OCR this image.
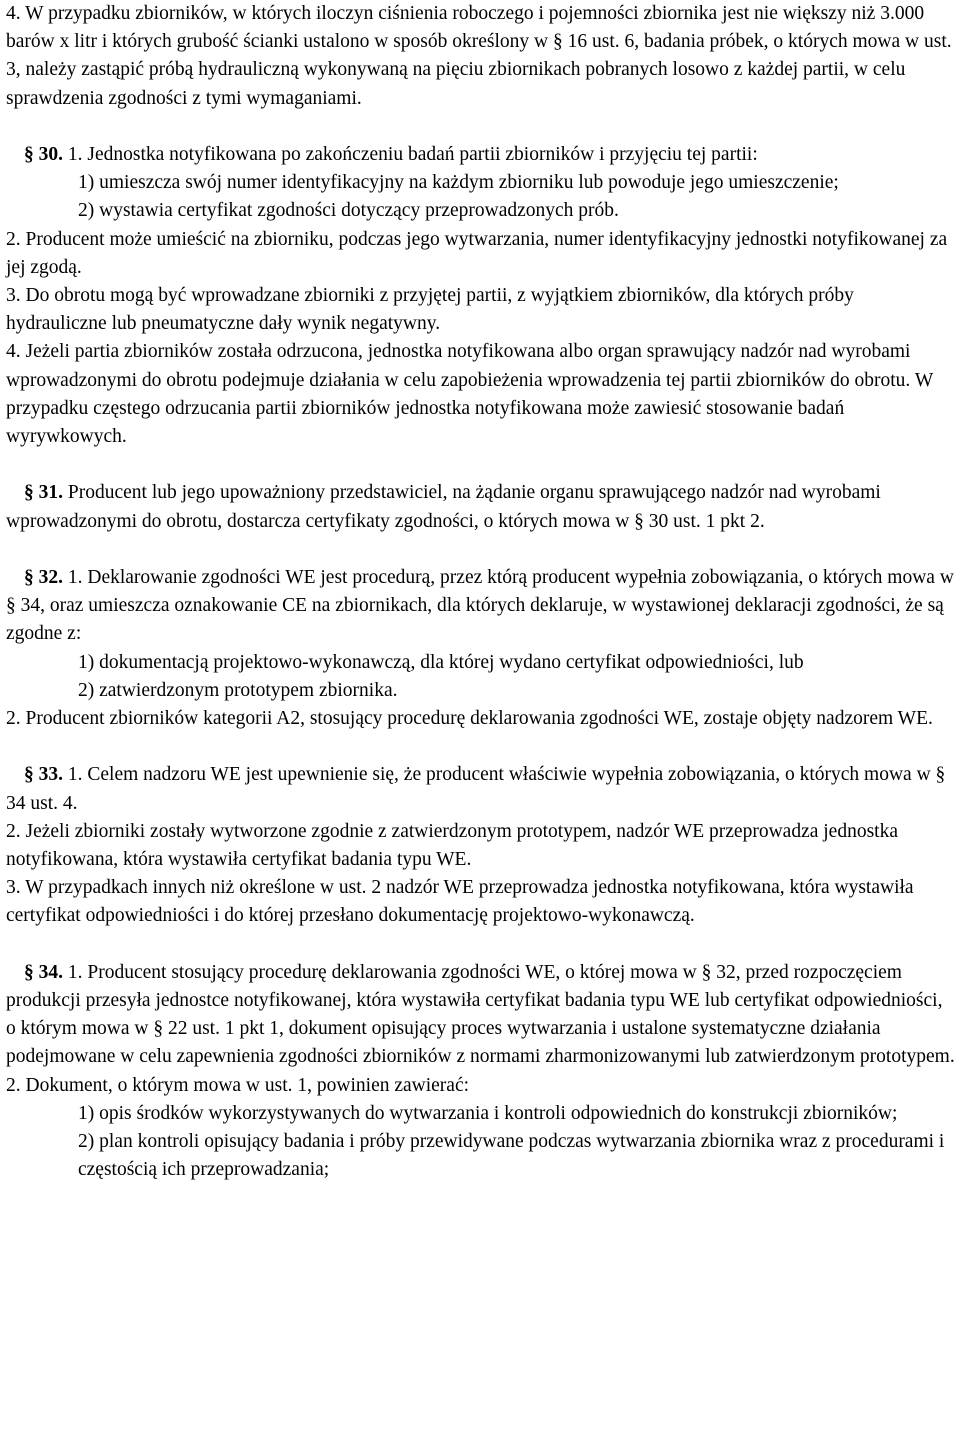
4. W przypadku zbiorników, w których iloczyn ciśnienia roboczego i pojemności zbiornika jest nie większy niż 3.000 barów x litr i których grubość ścianki ustalono w sposób określony w § 16 ust. 6, badania próbek, o których mowa w ust. 3, należy zastąpić próbą hydrauliczną wykonywaną na pięciu zbiornikach pobranych losowo z każdej partii, w celu sprawdzenia zgodności z tymi wymaganiami.

§ 30. 1. Jednostka notyfikowana po zakończeniu badań partii zbiorników i przyjęciu tej partii:

1) umieszcza swój numer identyfikacyjny na każdym zbiorniku lub powoduje jego umieszczenie;

2) wystawia certyfikat zgodności dotyczący przeprowadzonych prób.

2. Producent może umieścić na zbiorniku, podczas jego wytwarzania, numer identyfikacyjny jednostki notyfikowanej za jej zgodą.

3. Do obrotu mogą być wprowadzane zbiorniki z przyjętej partii, z wyjątkiem zbiorników, dla których próby hydrauliczne lub pneumatyczne dały wynik negatywny.

4. Jeżeli partia zbiorników została odrzucona, jednostka notyfikowana albo organ sprawujący nadzór nad wyrobami wprowadzonymi do obrotu podejmuje działania w celu zapobieżenia wprowadzenia tej partii zbiorników do obrotu. W przypadku częstego odrzucania partii zbiorników jednostka notyfikowana może zawiesić stosowanie badań wyrywkowych.

§ 31. Producent lub jego upoważniony przedstawiciel, na żądanie organu sprawującego nadzór nad wyrobami wprowadzonymi do obrotu, dostarcza certyfikaty zgodności, o których mowa w § 30 ust. 1 pkt 2.

§ 32. 1. Deklarowanie zgodności WE jest procedurą, przez którą producent wypełnia zobowiązania, o których mowa w § 34, oraz umieszcza oznakowanie CE na zbiornikach, dla których deklaruje, w wystawionej deklaracji zgodności, że są zgodne z:

1) dokumentacją projektowo-wykonawczą, dla której wydano certyfikat odpowiedniości, lub

2) zatwierdzonym prototypem zbiornika.

2. Producent zbiorników kategorii A2, stosujący procedurę deklarowania zgodności WE, zostaje objęty nadzorem WE.

§ 33. 1. Celem nadzoru WE jest upewnienie się, że producent właściwie wypełnia zobowiązania, o których mowa w § 34 ust. 4.

2. Jeżeli zbiorniki zostały wytworzone zgodnie z zatwierdzonym prototypem, nadzór WE przeprowadza jednostka notyfikowana, która wystawiła certyfikat badania typu WE.

3. W przypadkach innych niż określone w ust. 2 nadzór WE przeprowadza jednostka notyfikowana, która wystawiła certyfikat odpowiedniości i do której przesłano dokumentację projektowo-wykonawczą.

§ 34. 1. Producent stosujący procedurę deklarowania zgodności WE, o której mowa w § 32, przed rozpoczęciem produkcji przesyła jednostce notyfikowanej, która wystawiła certyfikat badania typu WE lub certyfikat odpowiedniości, o którym mowa w § 22 ust. 1 pkt 1, dokument opisujący proces wytwarzania i ustalone systematyczne działania podejmowane w celu zapewnienia zgodności zbiorników z normami zharmonizowanymi lub zatwierdzonym prototypem.

2. Dokument, o którym mowa w ust. 1, powinien zawierać:

1) opis środków wykorzystywanych do wytwarzania i kontroli odpowiednich do konstrukcji zbiorników;

2) plan kontroli opisujący badania i próby przewidywane podczas wytwarzania zbiornika wraz z procedurami i częstością ich przeprowadzania;
